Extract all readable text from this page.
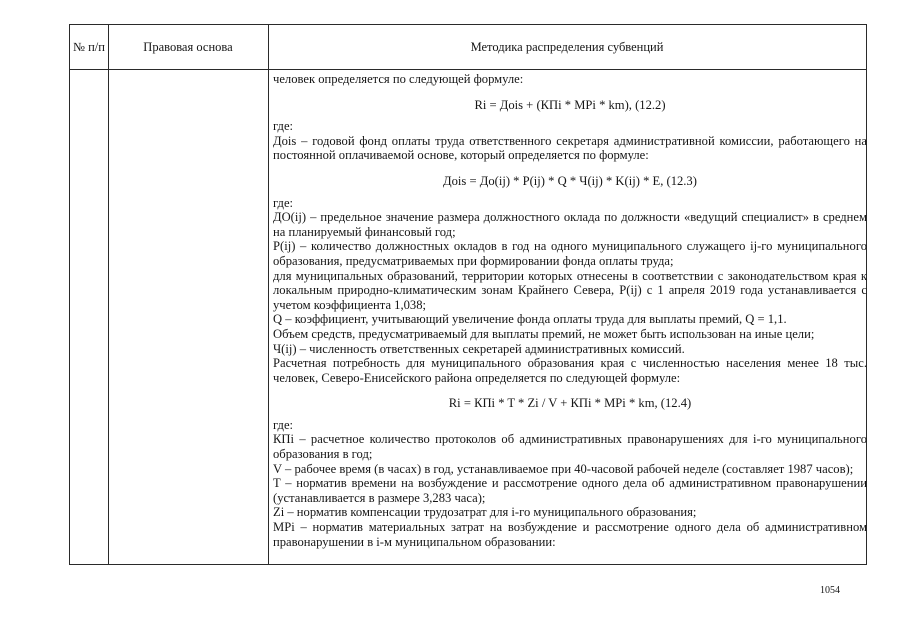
№ п/п	Правовая основа	Методика распределения субвенций

человек определяется по следующей формуле:

Ri = Дois + (КПi * МРi * km), (12.2)

где:

Дois – годовой фонд оплаты труда ответственного секретаря административной комиссии, работающего на постоянной оплачиваемой основе, который определяется по формуле:

Дois = До(ij) * P(ij) * Q * Ч(ij) * K(ij) * E, (12.3)

где:

ДО(ij) – предельное значение размера должностного оклада по должности «ведущий специалист» в среднем на планируемый финансовый год;

P(ij) – количество должностных окладов в год на одного муниципального служащего ij-го муниципального образования, предусматриваемых при формировании фонда оплаты труда;

для муниципальных образований, территории которых отнесены в соответствии с законодательством края к локальным природно-климатическим зонам Крайнего Севера, P(ij) с 1 апреля 2019 года устанавливается с учетом коэффициента 1,038;

Q – коэффициент, учитывающий увеличение фонда оплаты труда для выплаты премий, Q = 1,1.

Объем средств, предусматриваемый для выплаты премий, не может быть использован на иные цели;

Ч(ij) – численность ответственных секретарей административных комиссий.

Расчетная потребность для муниципального образования края с численностью населения менее 18 тыс. человек, Северо-Енисейского района определяется по следующей формуле:

Ri = КПi * T * Zi / V + КПi * МРi * km, (12.4)

где:

КПi – расчетное количество протоколов об административных правонарушениях для i-го муниципального образования в год;

V – рабочее время (в часах) в год, устанавливаемое при 40-часовой рабочей неделе (составляет 1987 часов);

T – норматив времени на возбуждение и рассмотрение одного дела об административном правонарушении (устанавливается в размере 3,283 часа);

Zi – норматив компенсации трудозатрат для i-го муниципального образования;

МРi – норматив материальных затрат на возбуждение и рассмотрение одного дела об административном правонарушении в i-м муниципальном образовании:

1054
